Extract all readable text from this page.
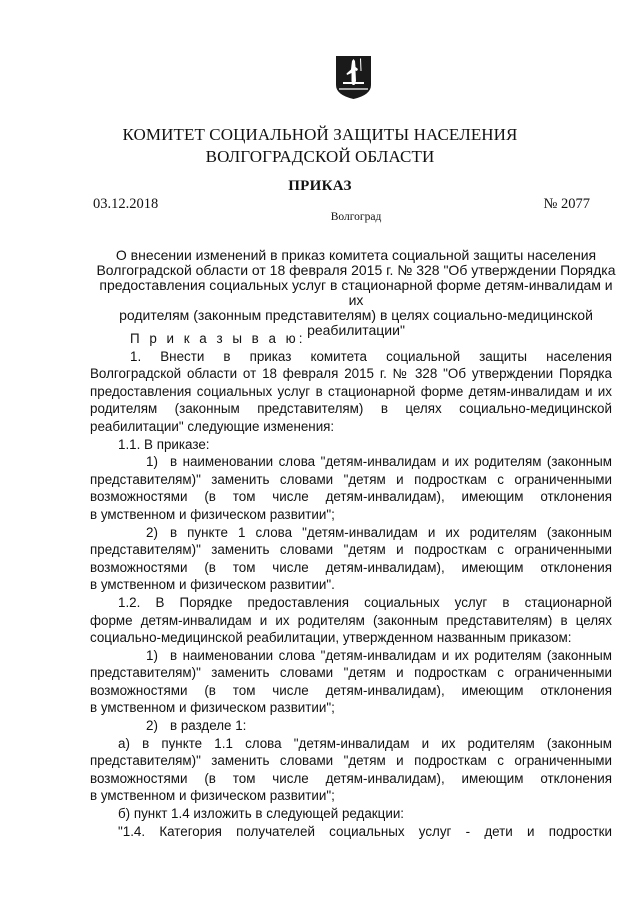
КОМИТЕТ СОЦИАЛЬНОЙ ЗАЩИТЫ НАСЕЛЕНИЯ
ВОЛГОГРАДСКОЙ ОБЛАСТИ
ПРИКАЗ
03.12.2018	№ 2077
Волгоград
О внесении изменений в приказ комитета социальной защиты населения
Волгоградской области от 18 февраля 2015 г. № 328 "Об утверждении Порядка
предоставления социальных услуг в стационарной форме детям-инвалидам и их
родителям (законным представителям) в целях социально-медицинской
реабилитации"

П р и к а з ы в а ю:

1. Внести в приказ комитета социальной защиты населения

Волгоградской области от 18 февраля 2015 г. № 328 "Об утверждении Порядка

предоставления социальных услуг в стационарной форме детям-инвалидам и их

родителям (законным представителям) в целях социально-медицинской

реабилитации" следующие изменения:

1.1. В приказе:

1) в наименовании слова "детям-инвалидам и их родителям (законным

представителям)" заменить словами "детям и подросткам с ограниченными

возможностями (в том числе детям-инвалидам), имеющим отклонения

в умственном и физическом развитии";

2) в пункте 1 слова "детям-инвалидам и их родителям (законным

представителям)" заменить словами "детям и подросткам с ограниченными

возможностями (в том числе детям-инвалидам), имеющим отклонения

в умственном и физическом развитии".

1.2. В Порядке предоставления социальных услуг в стационарной

форме детям-инвалидам и их родителям (законным представителям) в целях

социально-медицинской реабилитации, утвержденном названным приказом:

1) в наименовании слова "детям-инвалидам и их родителям (законным

представителям)" заменить словами "детям и подросткам с ограниченными

возможностями (в том числе детям-инвалидам), имеющим отклонения

в умственном и физическом развитии";

2) в разделе 1:

а) в пункте 1.1 слова "детям-инвалидам и их родителям (законным

представителям)" заменить словами "детям и подросткам с ограниченными

возможностями (в том числе детям-инвалидам), имеющим отклонения

в умственном и физическом развитии";

б) пункт 1.4 изложить в следующей редакции:

"1.4. Категория получателей социальных услуг - дети и подростки
